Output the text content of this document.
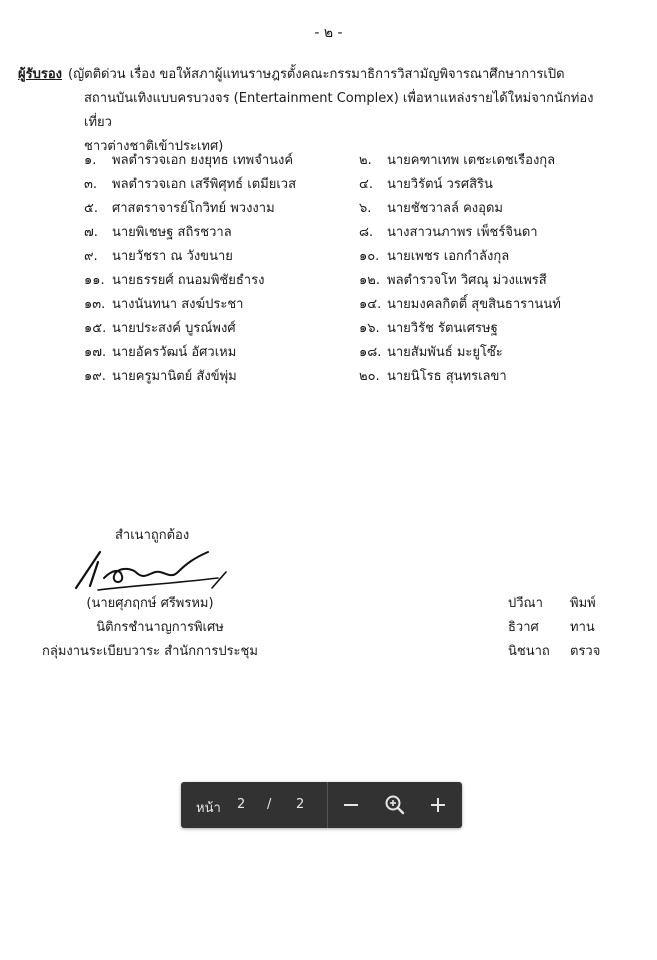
- ๒ -
ผู้รับรอง (ญัตติด่วน เรื่อง ขอให้สภาผู้แทนราษฎรตั้งคณะกรรมาธิการวิสามัญพิจารณาศึกษาการเปิด
สถานบันเทิงแบบครบวงจร (Entertainment Complex) เพื่อหาแหล่งรายได้ใหม่จากนักท่องเที่ยว
ชาวต่างชาติเข้าประเทศ)
๑. พลตำรวจเอก ยงยุทธ เทพจำนงค์	๒. นายคฑาเทพ เตชะเดชเรืองกุล
๓. พลตำรวจเอก เสรีพิศุทธ์ เตมียเวส	๔. นายวิรัตน์ วรศสิริน
๕. ศาสตราจารย์โกวิทย์ พวงงาม	๖. นายชัชวาลล์ คงอุดม
๗. นายพิเชษฐ สถิรชวาล	๘. นางสาวนภาพร เพ็ชร์จินดา
๙. นายวัชรา ณ วังขนาย	๑๐. นายเพชร เอกกำลังกุล
๑๑. นายธรรยศ์ ถนอมพิชัยธำรง	๑๒. พลตำรวจโท วิศณุ ม่วงแพรสี
๑๓. นางนันทนา สงฆ์ประชา	๑๔. นายมงคลกิตติ์ สุขสินธารานนท์
๑๕. นายประสงค์ บูรณ์พงศ์	๑๖. นายวิรัช รัตนเศรษฐ
๑๗. นายอัครวัฒน์ อัศวเหม	๑๘. นายสัมพันธ์ มะยูโซ๊ะ
๑๙. นายครูมานิตย์ สังข์พุ่ม	๒๐. นายนิโรธ สุนทรเลขา
สำเนาถูกต้อง
(นายศุภฤกษ์ ศรีพรหม)
นิติกรชำนาญการพิเศษ
กลุ่มงานระเบียบวาระ สำนักการประชุม
ปวีณา พิมพ์
ธิวาศ ทาน
นิชนาถ ตรวจ
หน้า 2 / 2
